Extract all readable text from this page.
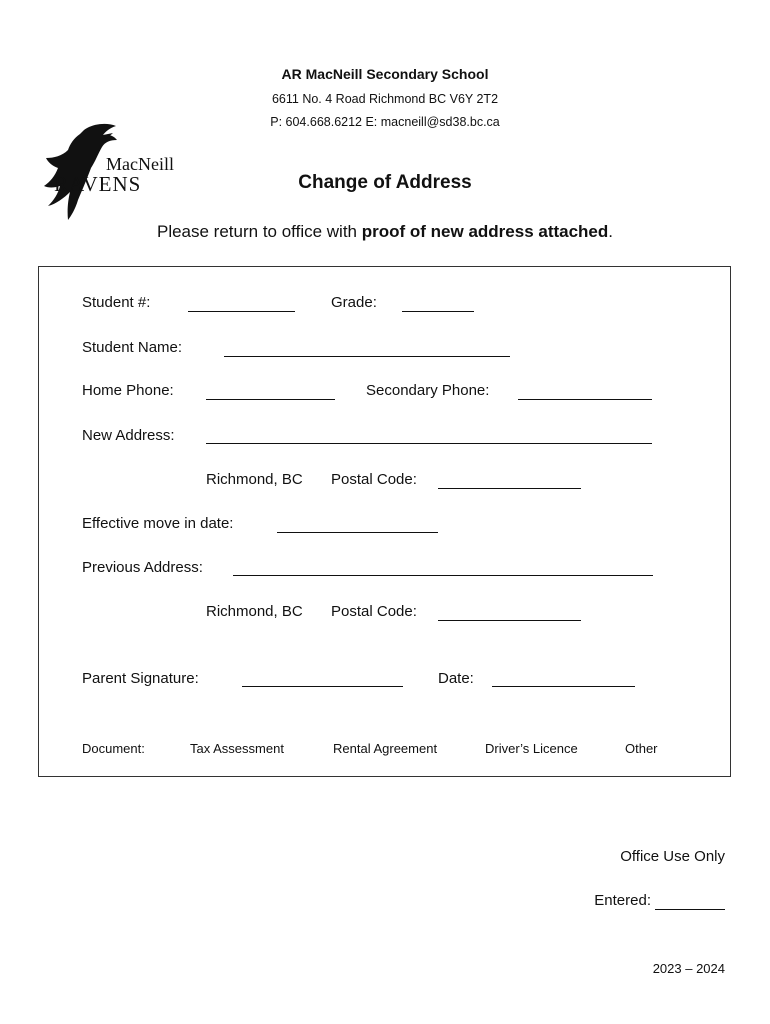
AR MacNeill Secondary School
6611 No. 4 Road Richmond BC V6Y 2T2
P: 604.668.6212 E: macneill@sd38.bc.ca
MacNeill
RAVENS	Change of Address
Please return to office with proof of new address attached.
Student #:	Grade:
Student Name:
Home Phone:	Secondary Phone:
New Address:
Richmond, BC Postal Code:
Effective move in date:
Previous Address:
Richmond, BC Postal Code:
Parent Signature:	Date:
Document:	Tax Assessment	Rental Agreement	Driver’s Licence	Other
Office Use Only
Entered:
2023 – 2024
